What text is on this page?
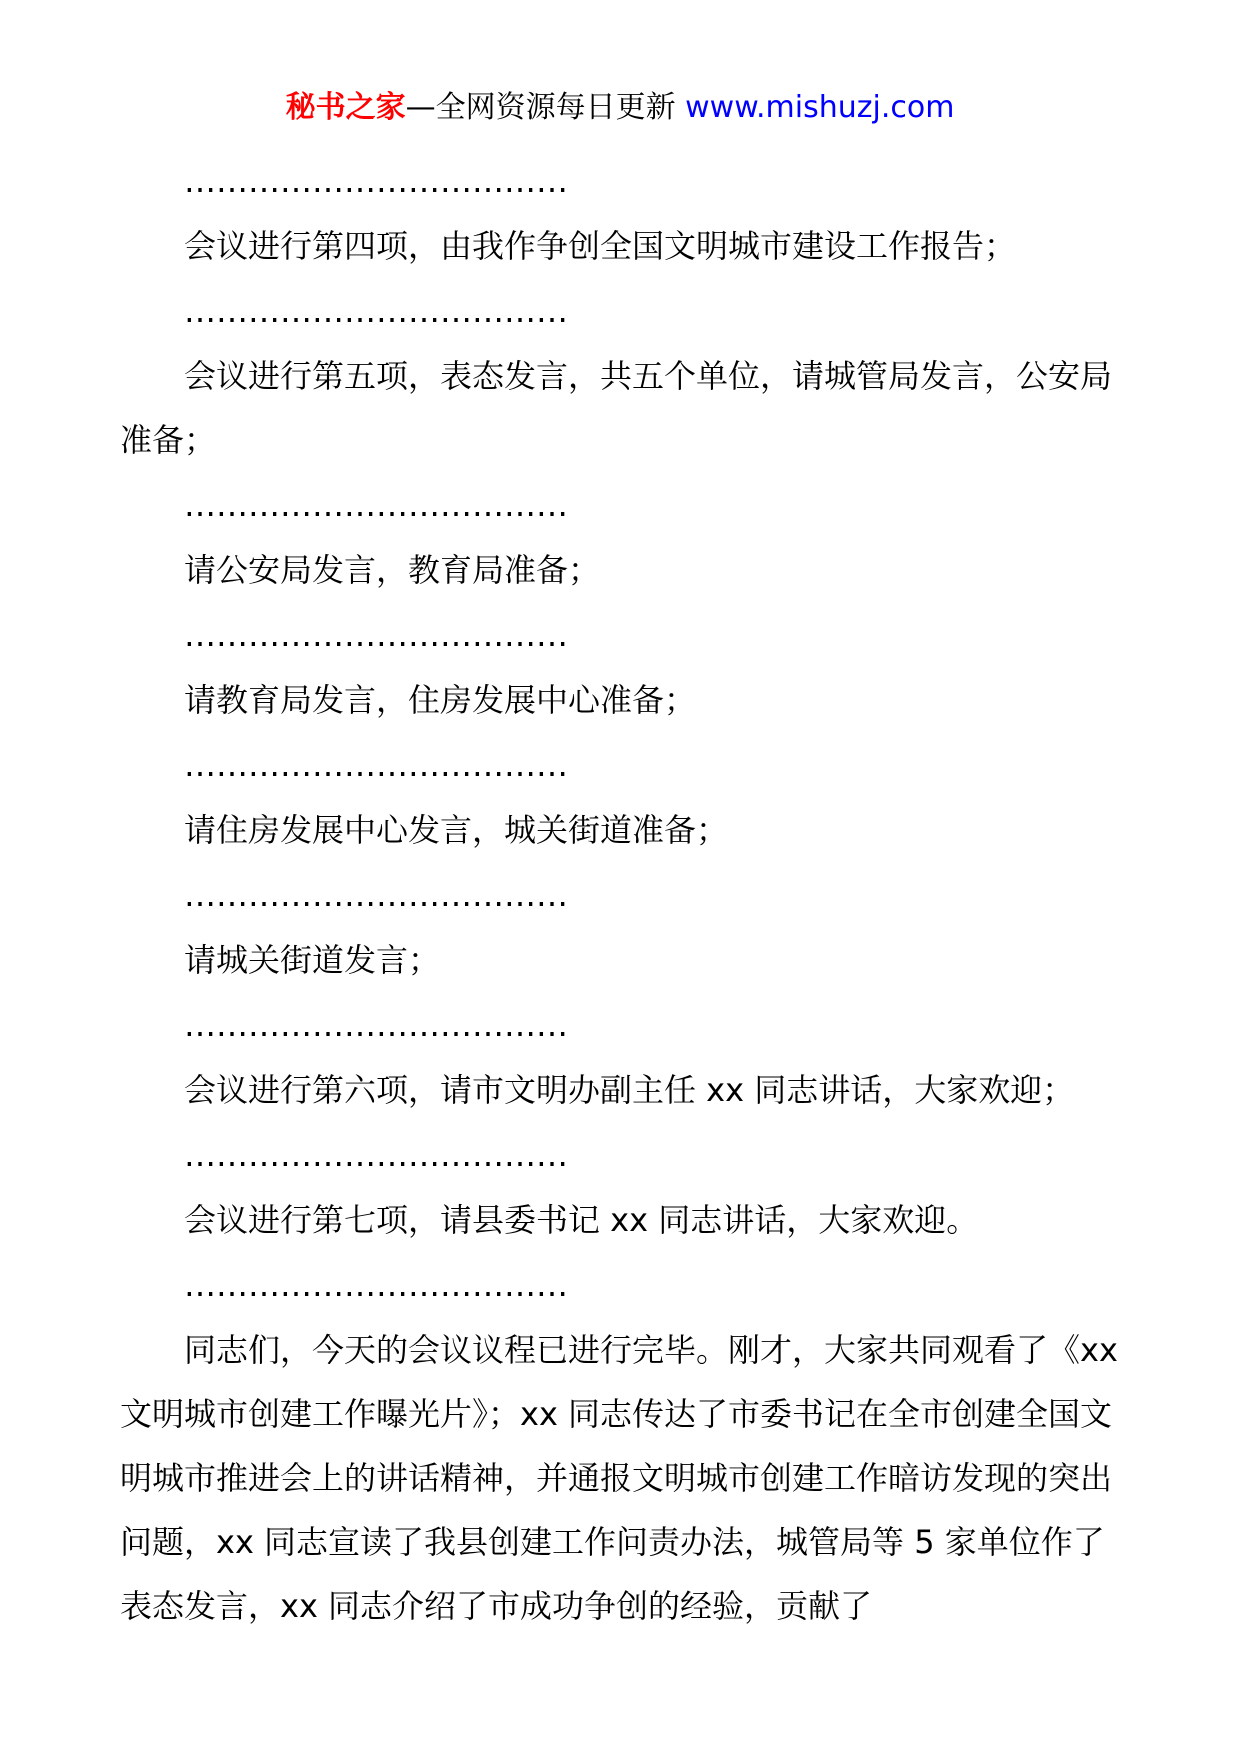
秘书之家—全网资源每日更新 www.mishuzj.com

………………………………

会议进行第四项，由我作争创全国文明城市建设工作报告；

………………………………

会议进行第五项，表态发言，共五个单位，请城管局发言，公安局准备；

………………………………

请公安局发言，教育局准备；

………………………………

请教育局发言，住房发展中心准备；

………………………………

请住房发展中心发言，城关街道准备；

………………………………

请城关街道发言；

………………………………

会议进行第六项，请市文明办副主任 xx 同志讲话，大家欢迎；

………………………………

会议进行第七项，请县委书记 xx 同志讲话，大家欢迎。

………………………………

同志们，今天的会议议程已进行完毕。刚才，大家共同观看了《xx 文明城市创建工作曝光片》；xx 同志传达了市委书记在全市创建全国文明城市推进会上的讲话精神，并通报文明城市创建工作暗访发现的突出问题，xx 同志宣读了我县创建工作问责办法，城管局等 5 家单位作了表态发言，xx 同志介绍了市成功争创的经验，贡献了
